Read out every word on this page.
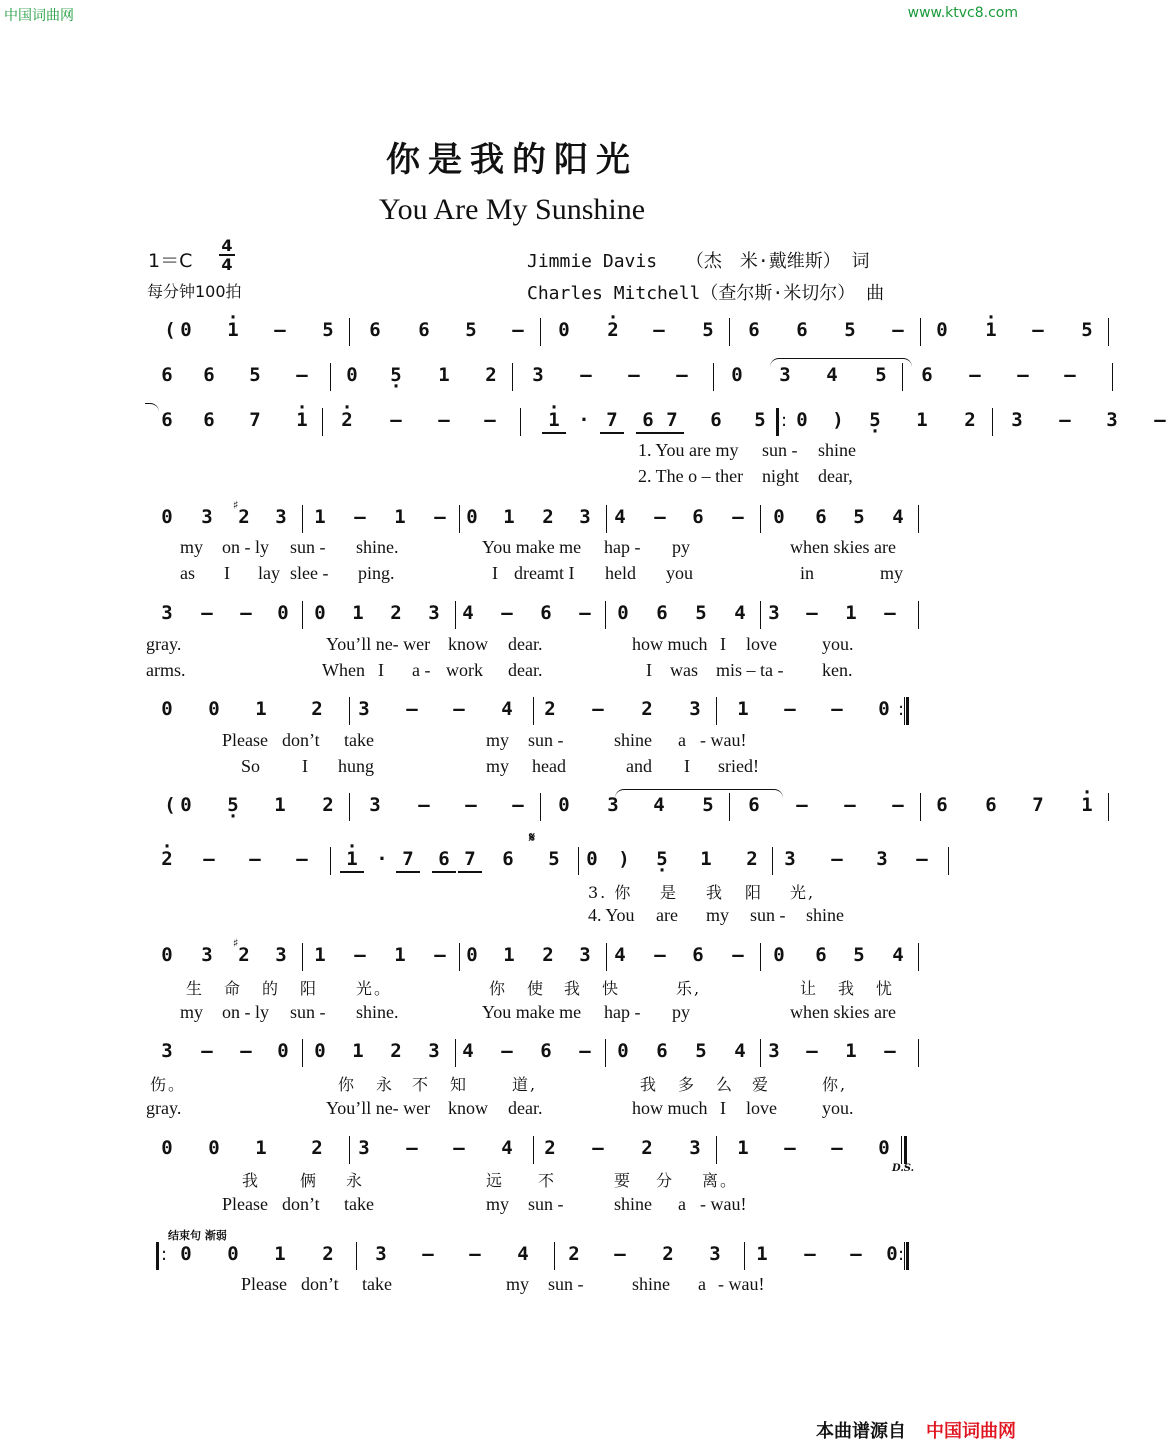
中国词曲网	www.ktvc8.com
你是我的阳光
You Are My Sunshine
1＝C
4
4
每分钟100拍
Jimmie Davis　 （杰　米·戴维斯） 词
Charles Mitchell（查尔斯·米切尔） 曲
( 0	· 1	–	5	6	6	5	–	0	· 2	–	5	6	6	5	–	0	· 1	–	5
6	6	5	–	0	5 ·	1	2	3	–	–	–	0	3	4	5	6	–	–	–
6	6	7	· 1	· 2	–	–	–	· 1 · 7	6 7	6	5 :	0	)	5 ·	1	2	3	–	3	–
0	3	♯ 2	3	1	–	1	–	0	1	2	3	4	–	6	–	0	6	5	4
3	–	–	0	0	1	2	3	4	–	6	–	0	6	5	4	3	–	1	–
0	0	1	2	3	–	–	4	2	–	2	3	1	–	–	0
:
( 0	5 ·	1	2	3	–	–	–	0	3	4	5	6	–	–	–	6	6	7	· 1
· 2	–	–	–	· 1 · 7	6 7	6	5	0	)	5 ·	1	2	3	–	3	–
0	3	♯ 2	3	1	–	1	–	0	1	2	3	4	–	6	–	0	6	5	4
3	–	–	0	0	1	2	3	4	–	6	–	0	6	5	4	3	–	1	–
0	0	1	2	3	–	–	4	2	–	2	3	1	–	–	0
:
0	0	1	2	3	–	–	4	2	–	2	3	1	–	–	0
:
1. You are my sun - shine
2. The o – ther night dear,
my on - ly sun - shine.	You make me hap - py	when skies are
as I lay slee - ping.	I dreamt I held you	in	my
gray.	You’ll ne- wer know dear.	how much I love	you.
arms.	When I a - work dear.	I was mis – ta - ken.
Please don’t take	my sun -	shine a - wau!
So I hung	my head	and I sried!
3. 你 是 我 阳 光,
4. You are my sun - shine
生 命 的 阳 光。	你 使 我 快	乐,	让 我 忧
my on - ly sun - shine.	You make me hap - py	when skies are
伤。	你 永 不 知	道,	我 多 么 爱	你,
gray.	You’ll ne- wer know dear.	how much I love	you.
我 俩 永	远 不	要 分 离。
Please don’t take	my sun -	shine a - wau!
Please don’t take	my sun -	shine a - wau!
𝄋
D.S.
结束句 渐弱
本曲谱源自 中国词曲网
